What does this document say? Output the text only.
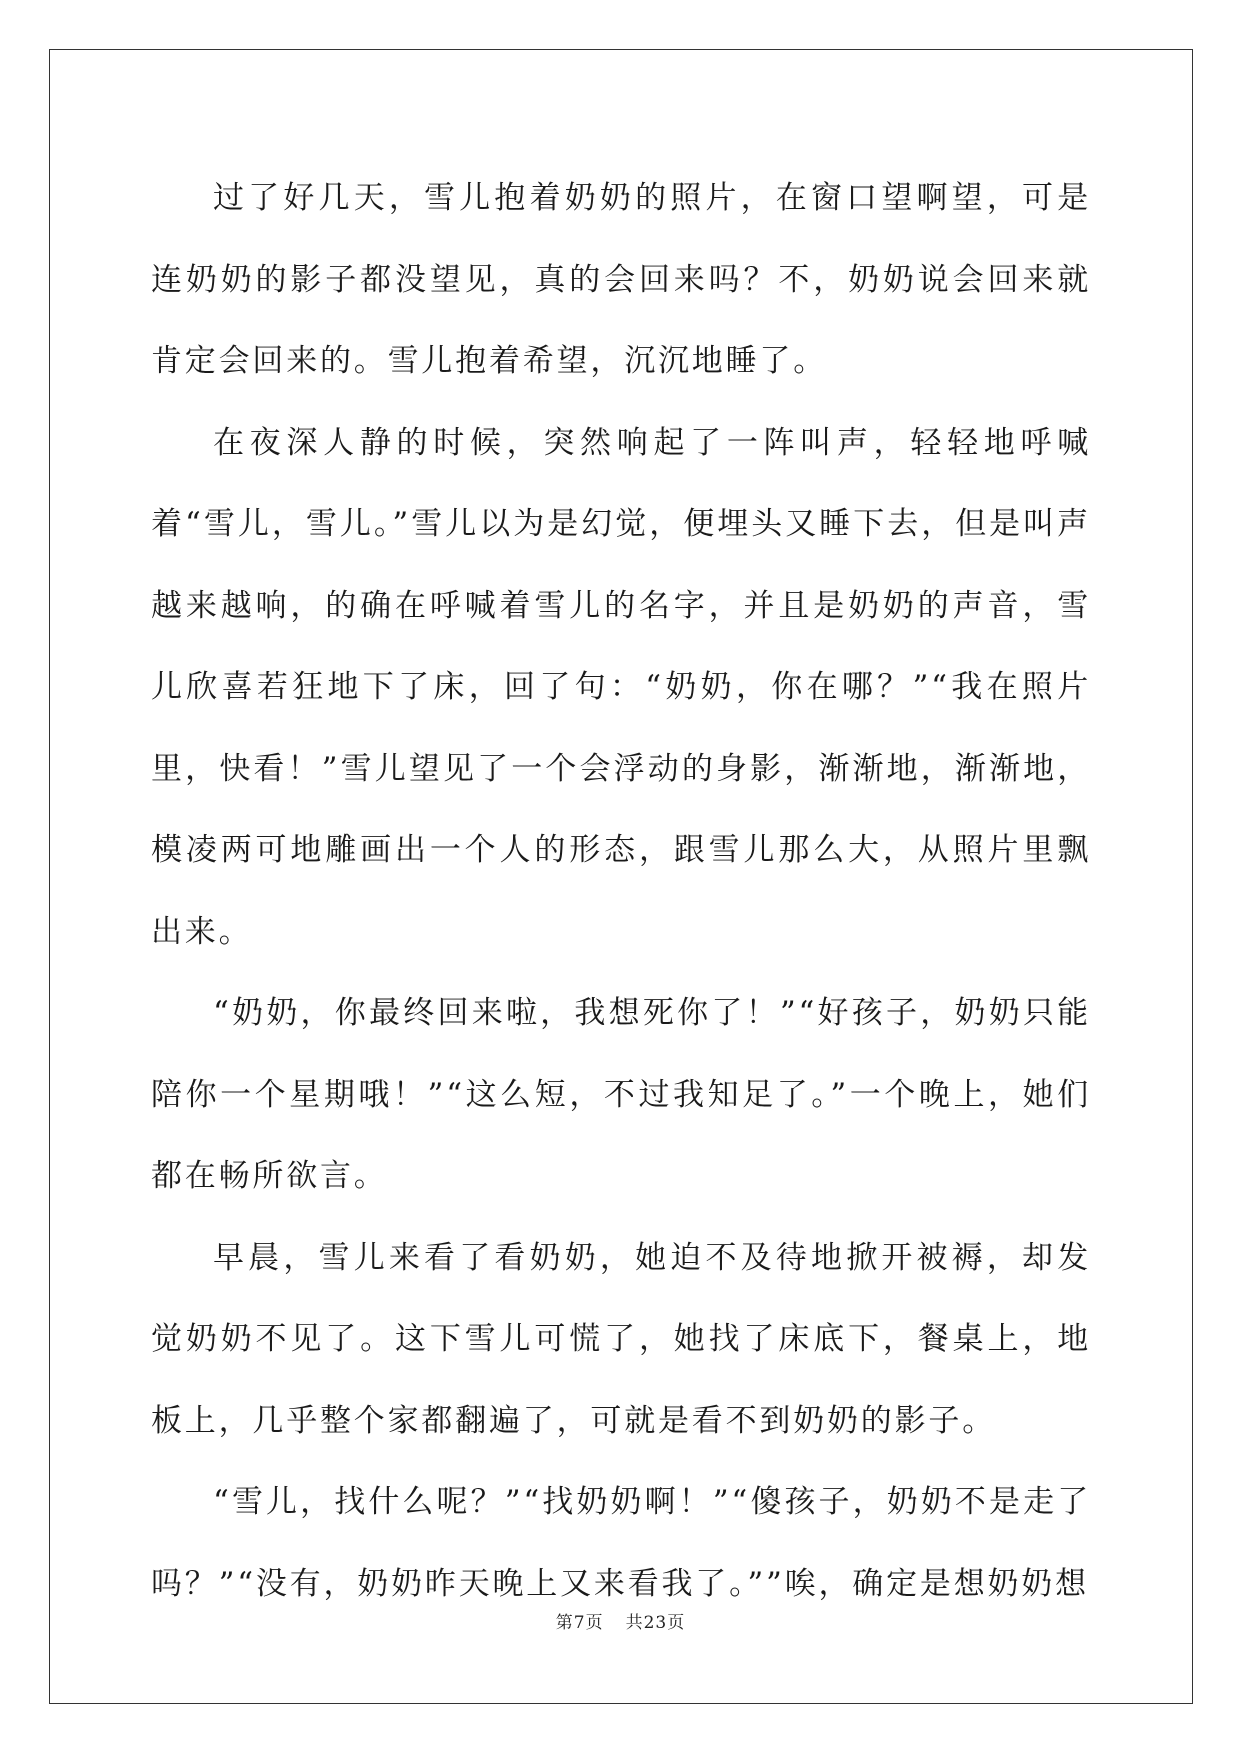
过了好几天，雪儿抱着奶奶的照片，在窗口望啊望，可是连奶奶的影子都没望见，真的会回来吗？不，奶奶说会回来就肯定会回来的。雪儿抱着希望，沉沉地睡了。

在夜深人静的时候，突然响起了一阵叫声，轻轻地呼喊着“雪儿，雪儿。”雪儿以为是幻觉，便埋头又睡下去，但是叫声越来越响，的确在呼喊着雪儿的名字，并且是奶奶的声音，雪儿欣喜若狂地下了床，回了句：“奶奶，你在哪？”“我在照片里，快看！”雪儿望见了一个会浮动的身影，渐渐地，渐渐地，模凌两可地雕画出一个人的形态，跟雪儿那么大，从照片里飘出来。

“奶奶，你最终回来啦，我想死你了！”“好孩子，奶奶只能陪你一个星期哦！”“这么短，不过我知足了。”一个晚上，她们都在畅所欲言。

早晨，雪儿来看了看奶奶，她迫不及待地掀开被褥，却发觉奶奶不见了。这下雪儿可慌了，她找了床底下，餐桌上，地板上，几乎整个家都翻遍了，可就是看不到奶奶的影子。

“雪儿，找什么呢？”“找奶奶啊！”“傻孩子，奶奶不是走了吗？”“没有，奶奶昨天晚上又来看我了。””唉，确定是想奶奶想

第7页 共23页
